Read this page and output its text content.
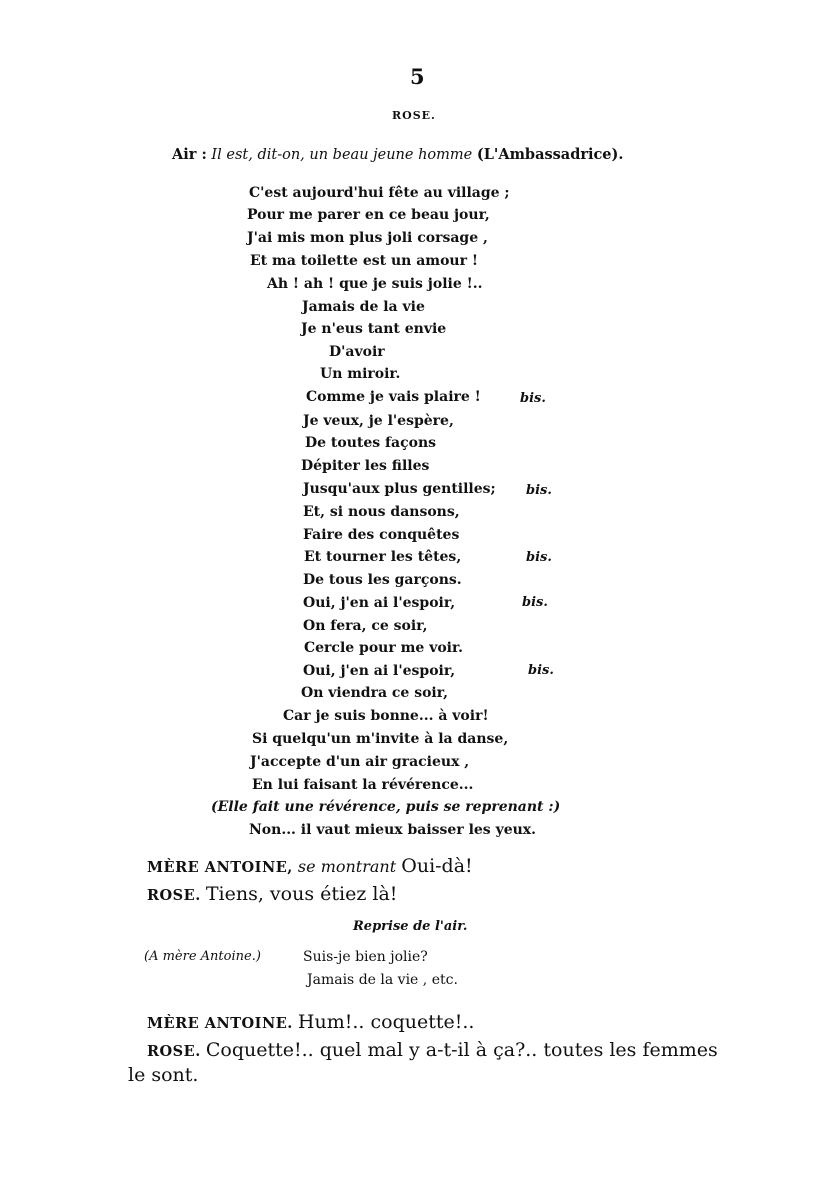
5
ROSE.
Air : Il est, dit-on, un beau jeune homme (L'Ambassadrice).
C'est aujourd'hui fête au village ;
Pour me parer en ce beau jour,
J'ai mis mon plus joli corsage ,
Et ma toilette est un amour !
Ah ! ah ! que je suis jolie !..
Jamais de la vie
Je n'eus tant envie
D'avoir
Un miroir.
Comme je vais plaire !	bis.
Je veux, je l'espère,
De toutes façons
Dépiter les filles
Jusqu'aux plus gentilles; bis.
Et, si nous dansons,
Faire des conquêtes
Et tourner les têtes,	bis.
De tous les garçons.
Oui, j'en ai l'espoir,	bis.
On fera, ce soir,
Cercle pour me voir.
Oui, j'en ai l'espoir,	bis.
On viendra ce soir,
Car je suis bonne... à voir!
Si quelqu'un m'invite à la danse,
J'accepte d'un air gracieux ,
En lui faisant la révérence...
(Elle fait une révérence, puis se reprenant :)
Non... il vaut mieux baisser les yeux.
MÈRE ANTOINE, se montrant Oui-dà!
ROSE. Tiens, vous étiez là!
Reprise de l'air.
(A mère Antoine.)	Suis-je bien jolie?
Jamais de la vie , etc.
MÈRE ANTOINE. Hum!.. coquette!..
ROSE. Coquette!.. quel mal y a-t-il à ça?.. toutes les femmes
le sont.
